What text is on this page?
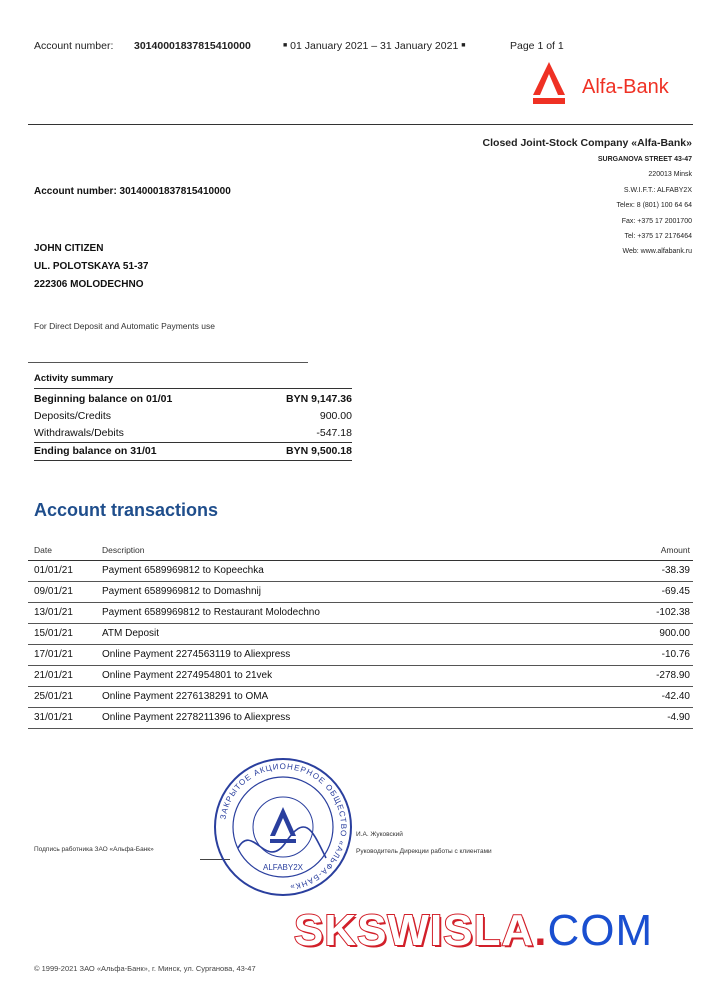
Account number: 30140001837815410000	■ 01 January 2021 – 31 January 2021 ■	Page 1 of 1
Alfa-Bank
Closed Joint-Stock Company «Alfa-Bank»
SURGANOVA STREET 43-47
220013 Minsk
S.W.I.F.T.: ALFABY2X
Telex: 8 (801) 100 64 64
Fax: +375 17 2001700
Tel: +375 17 2176464
Web: www.alfabank.ru
Account number: 30140001837815410000
JOHN CITIZEN
UL. POLOTSKAYA 51-37
222306 MOLODECHNO
For Direct Deposit and Automatic Payments use
Activity summary
Beginning balance on 01/01	BYN 9,147.36
Deposits/Credits	900.00
Withdrawals/Debits	-547.18
Ending balance on 31/01	BYN 9,500.18
Account transactions
Date	Description	Amount
01/01/21	Payment 6589969812 to Kopeechka	-38.39
09/01/21	Payment 6589969812 to Domashnij	-69.45
13/01/21	Payment 6589969812 to Restaurant Molodechno	-102.38
15/01/21	ATM Deposit	900.00
17/01/21	Online Payment 2274563119 to Aliexpress	-10.76
21/01/21	Online Payment 2274954801 to 21vek	-278.90
25/01/21	Online Payment 2276138291 to OMA	-42.40
31/01/21	Online Payment 2278211396 to Aliexpress	-4.90
Подпись работника ЗАО «Альфа-Банк»
ЗАКРЫТОЕ АКЦИОНЕРНОЕ ОБЩЕСТВО «АЛЬФА-БАНК»
ALFABY2X
И.А. Жуковский
Руководитель Дирекции работы с клиентами
SKSWISLA.COM
© 1999-2021 ЗАО «Альфа-Банк», г. Минск, ул. Сурганова, 43-47
